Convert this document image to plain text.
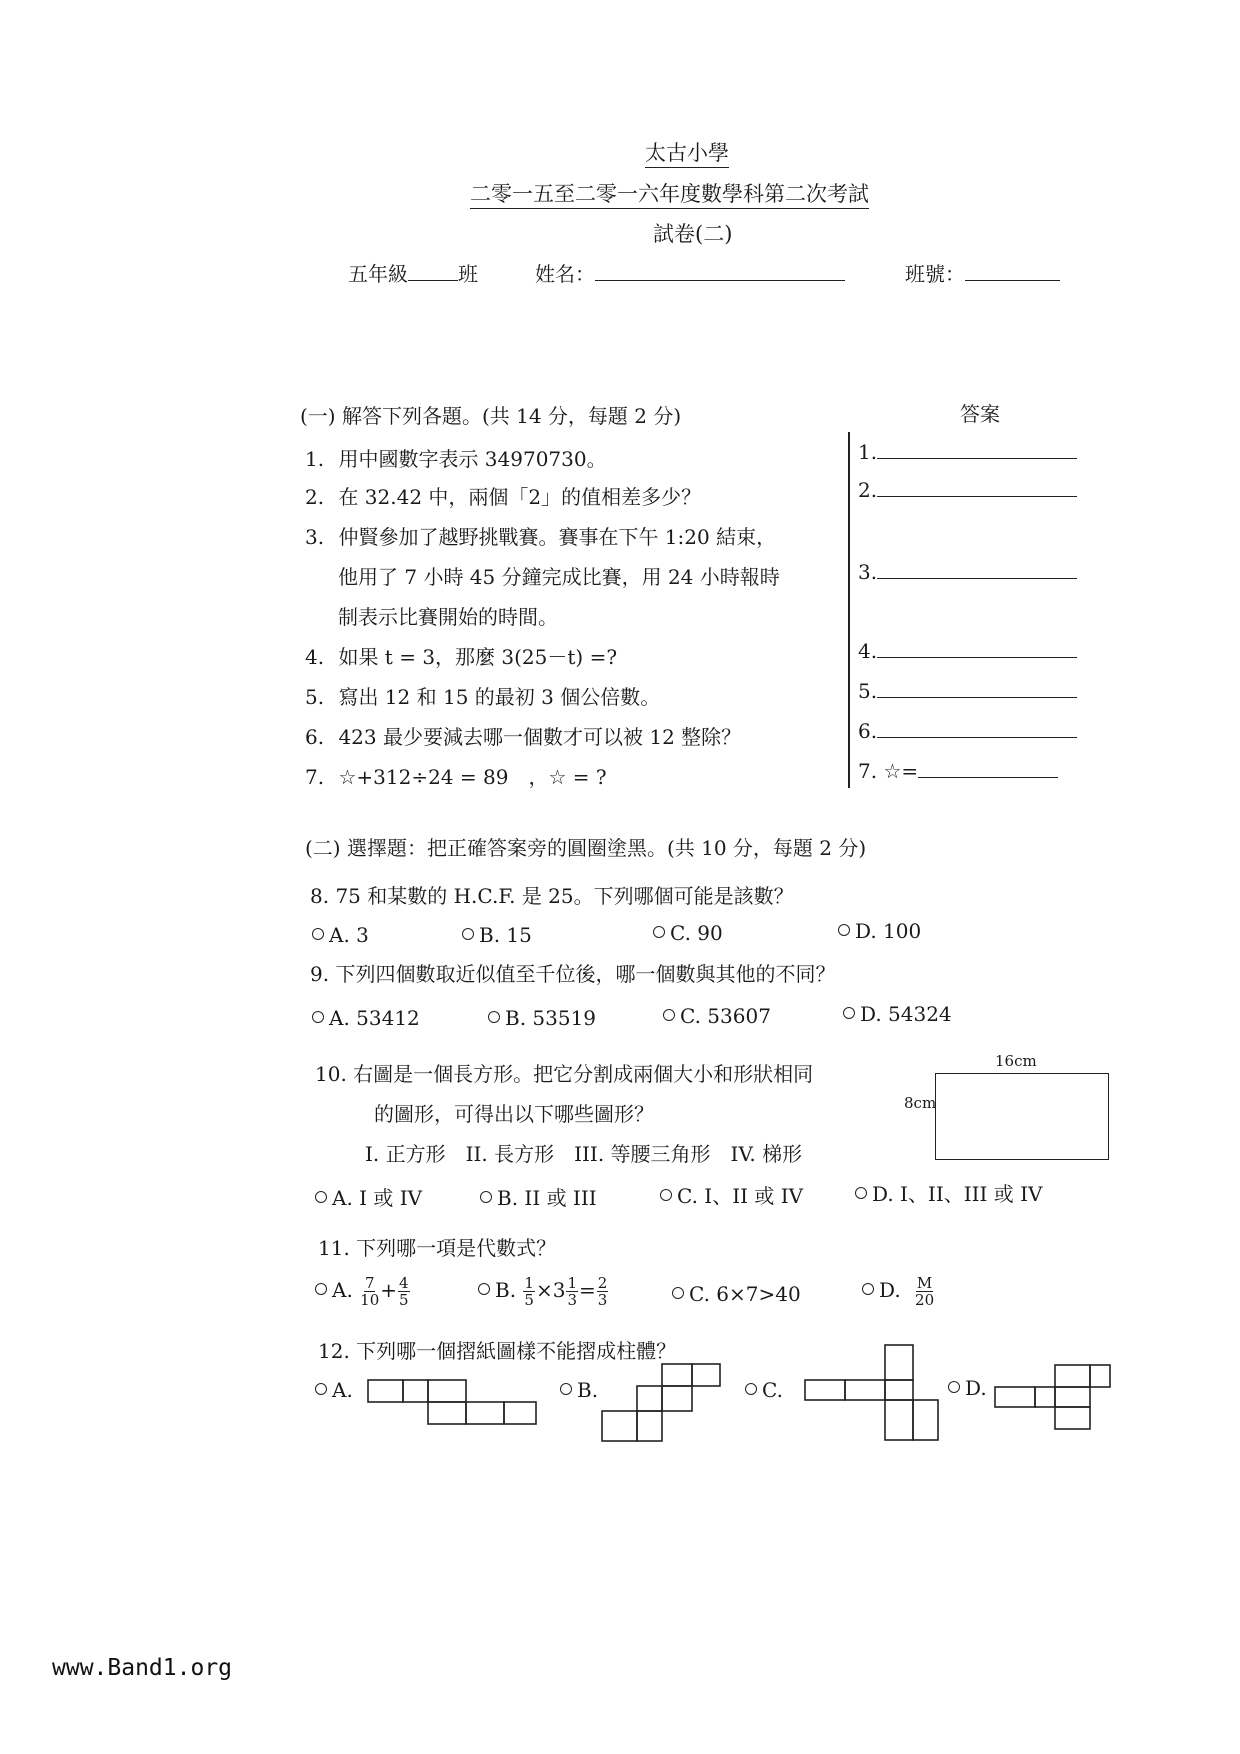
太古小學
二零一五至二零一六年度數學科第二次考試
試卷(二)
五年級	班	姓名：	班號：
(一) 解答下列各題。(共 14 分，每題 2 分)	答案
1. 用中國數字表示 34970730。	1.
2. 在 32.42 中，兩個「2」的值相差多少？	2.
3. 仲賢參加了越野挑戰賽。賽事在下午 1:20 結束，
他用了 7 小時 45 分鐘完成比賽，用 24 小時報時
制表示比賽開始的時間。
3.
4. 如果 t = 3，那麼 3(25－t) =?	4.
5. 寫出 12 和 15 的最初 3 個公倍數。	5.
6. 423 最少要減去哪一個數才可以被 12 整除？	6.
7. ☆+312÷24 = 89　，☆ = ?	7. ☆=
(二) 選擇題：把正確答案旁的圓圈塗黑。(共 10 分，每題 2 分)
8. 75 和某數的 H.C.F. 是 25。下列哪個可能是該數？
A. 3	B. 15	C. 90	D. 100
9. 下列四個數取近似值至千位後，哪一個數與其他的不同？
A. 53412	B. 53519	C. 53607	D. 54324
10. 右圖是一個長方形。把它分割成兩個大小和形狀相同
的圖形，可得出以下哪些圖形？
I. 正方形　II. 長方形　III. 等腰三角形　IV. 梯形
16cm
8cm
A. I 或 IV	B. II 或 III	C. I、II 或 IV	D. I、II、III 或 IV
11. 下列哪一項是代數式？
A. $\frac{7}{10} + \frac{4}{5}$	B. $\frac{1}{5} \times 3 \frac{1}{3} = \frac{2}{3}$	C. 6×7>40	D. $\frac{M}{20}$
12. 下列哪一個摺紙圖樣不能摺成柱體？
A.	B.	C.	D.
www.Band1.org
